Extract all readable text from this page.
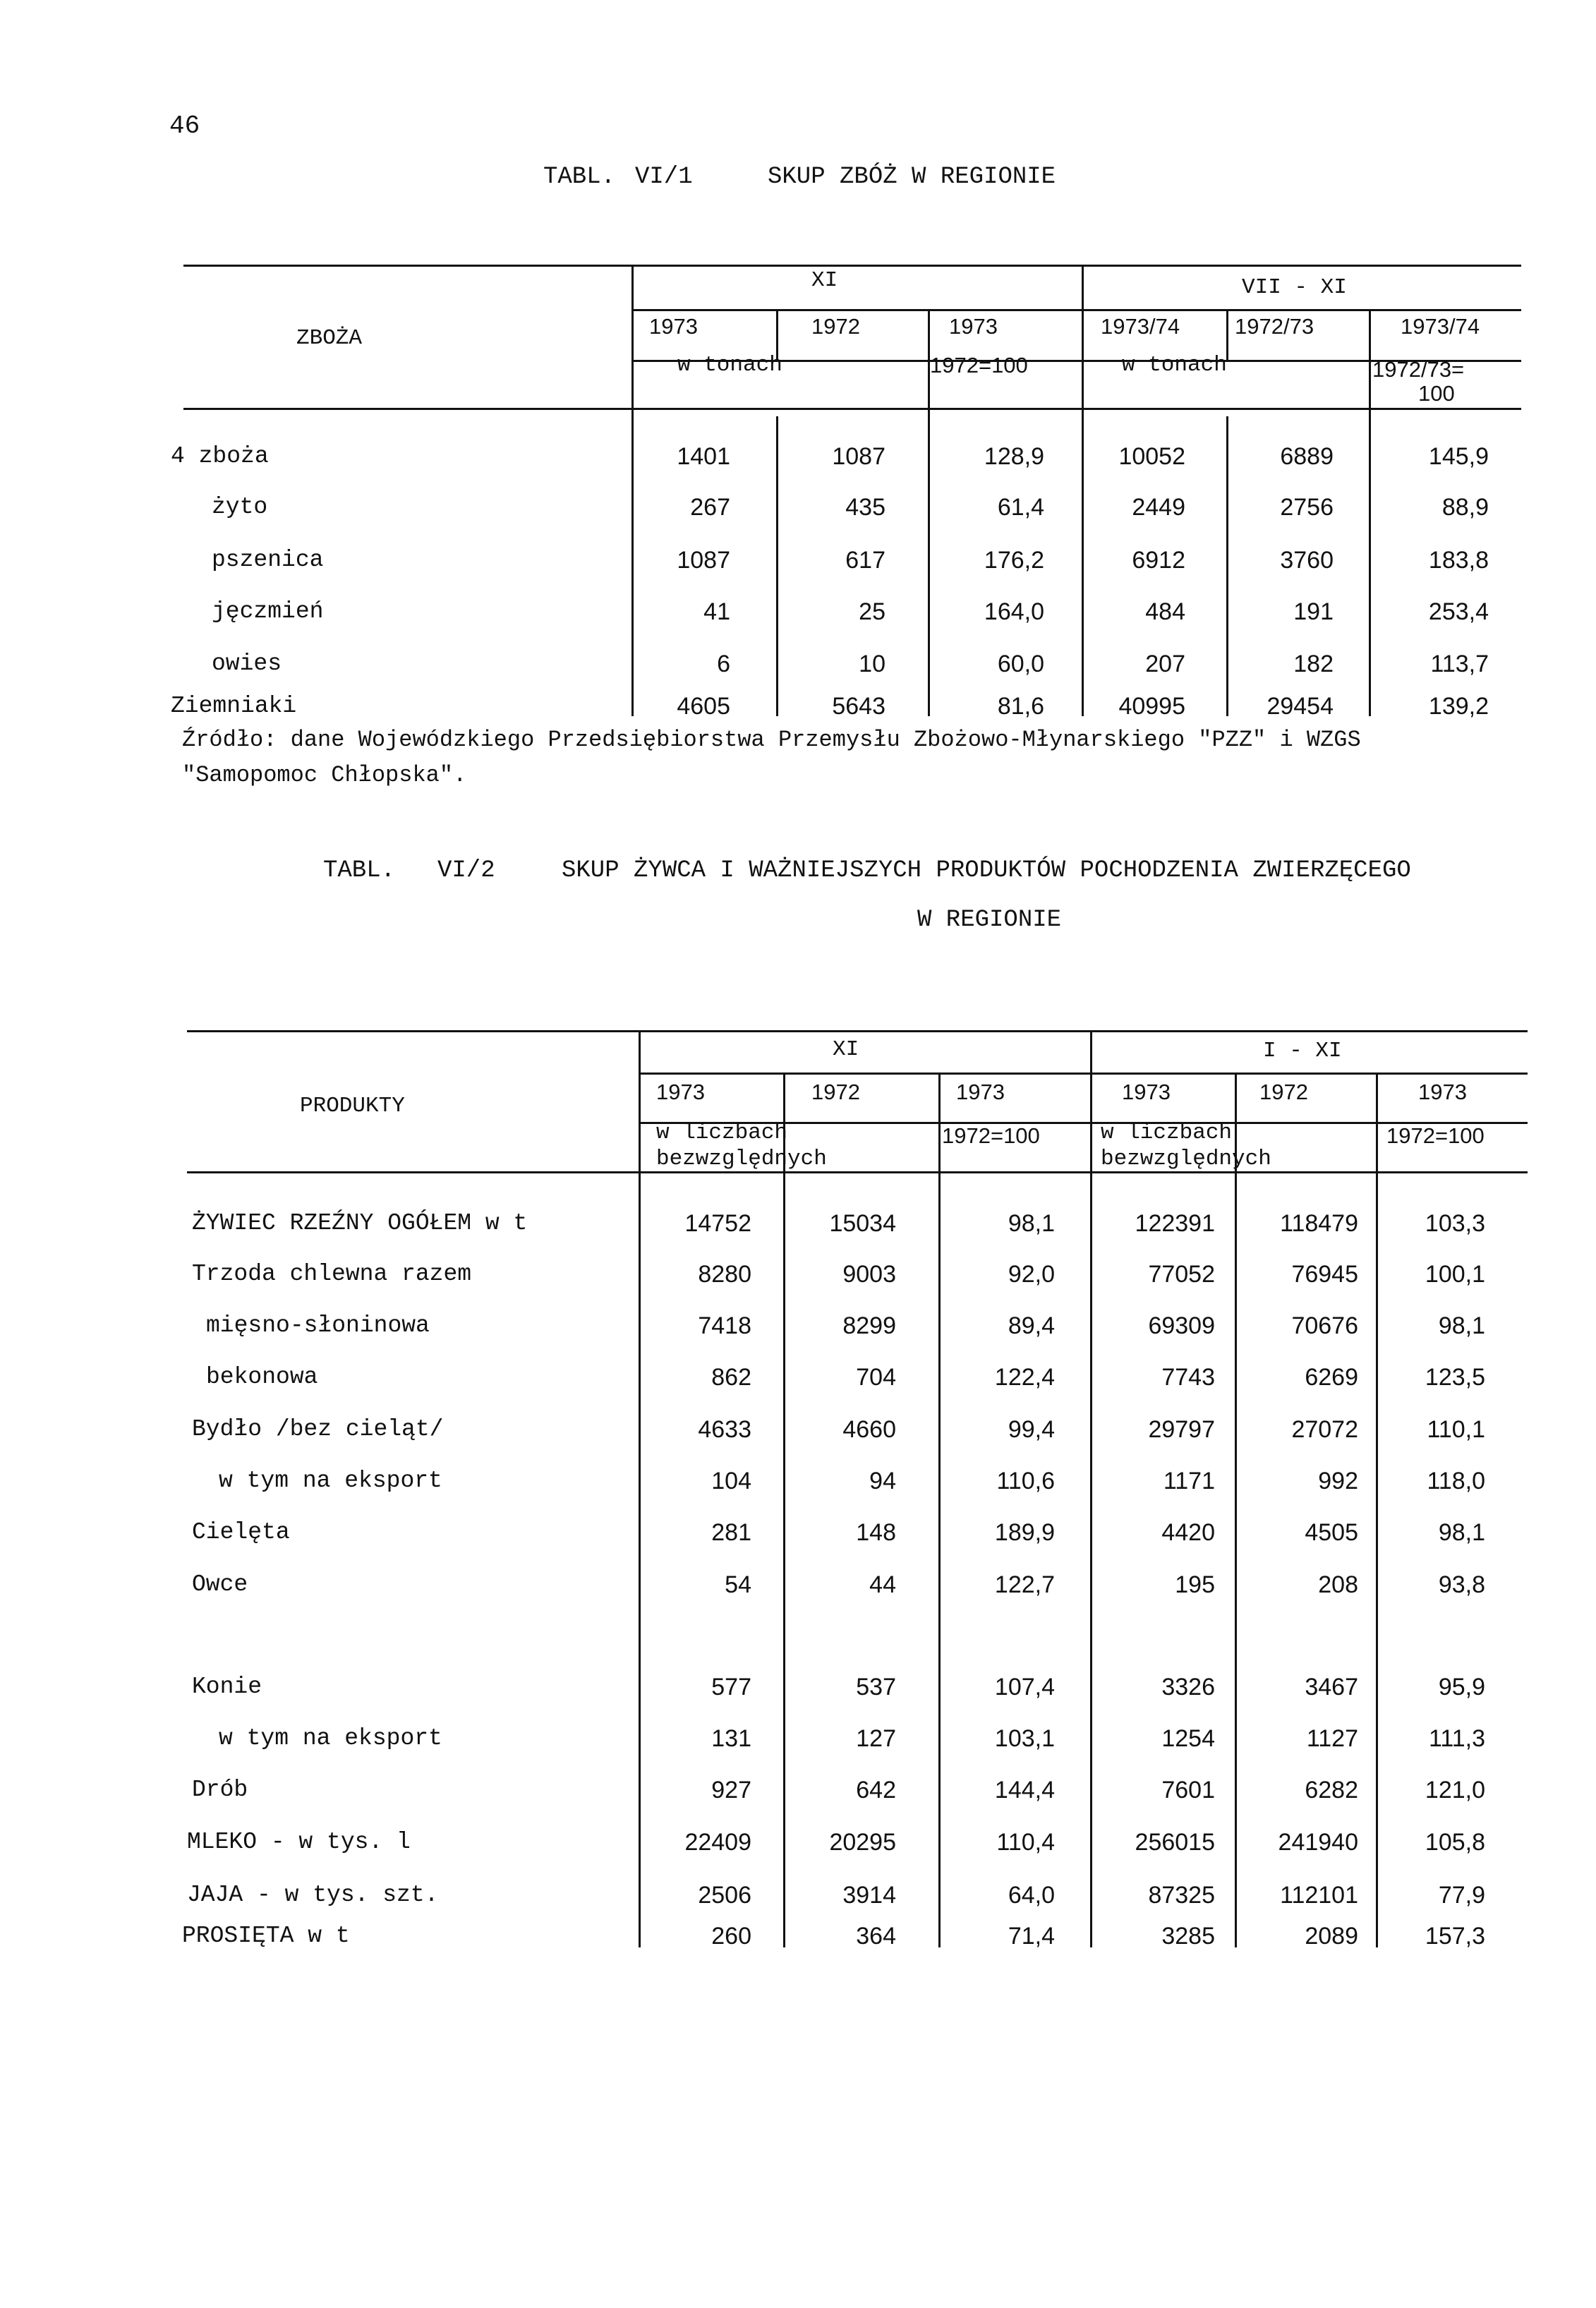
46
TABL. VI/1	SKUP ZBÓŻ W REGIONIE
ZBOŻA
XI	VII - XI
1973	1972	1973	1973/74	1972/73	1973/74
w tonach	1972=100	w tonach	1972/73=
100
4 zboża	1401	1087	128,9	10052	6889	145,9
żyto	267	435	61,4	2449	2756	88,9
pszenica	1087	617	176,2	6912	3760	183,8
jęczmień	41	25	164,0	484	191	253,4
owies	6	10	60,0	207	182	113,7
Ziemniaki	4605	5643	81,6	40995	29454	139,2
Źródło: dane Wojewódzkiego Przedsiębiorstwa Przemysłu Zbożowo-Młynarskiego "PZZ" i WZGS
"Samopomoc Chłopska".
TABL. VI/2	SKUP ŻYWCA I WAŻNIEJSZYCH PRODUKTÓW POCHODZENIA ZWIERZĘCEGO
W REGIONIE
PRODUKTY
XI	I - XI
1973	1972	1973	1973	1972	1973
w liczbach
bezwzględnych
1972=100	w liczbach
bezwzględnych
1972=100
ŻYWIEC RZEŹNY OGÓŁEM w t	14752	15034	98,1	122391	118479	103,3
Trzoda chlewna razem	8280	9003	92,0	77052	76945	100,1
mięsno-słoninowa	7418	8299	89,4	69309	70676	98,1
bekonowa	862	704	122,4	7743	6269	123,5
Bydło /bez cieląt/	4633	4660	99,4	29797	27072	110,1
w tym na eksport	104	94	110,6	1171	992	118,0
Cielęta	281	148	189,9	4420	4505	98,1
Owce	54	44	122,7	195	208	93,8
Konie	577	537	107,4	3326	3467	95,9
w tym na eksport	131	127	103,1	1254	1127	111,3
Drób	927	642	144,4	7601	6282	121,0
MLEKO - w tys. l	22409	20295	110,4	256015	241940	105,8
JAJA - w tys. szt.	2506	3914	64,0	87325	112101	77,9
PROSIĘTA w t	260	364	71,4	3285	2089	157,3
